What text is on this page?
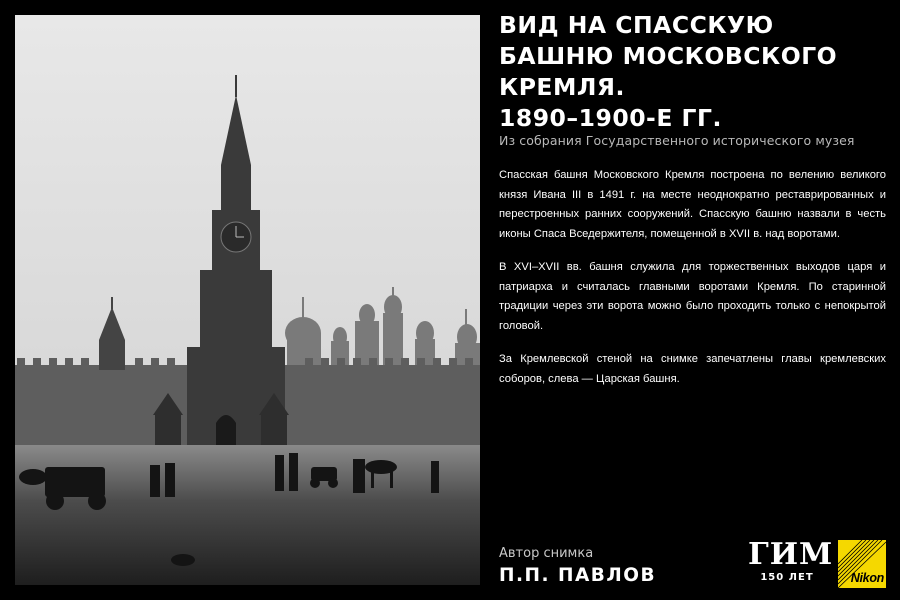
ВИД НА СПАССКУЮ
БАШНЮ МОСКОВСКОГО
КРЕМЛЯ.
1890–1900-Е ГГ.
Из собрания Государственного исторического музея

Спасская башня Московского Кремля построена по велению великого князя Ивана III в 1491 г. на месте неоднократно реставрированных и перестроенных ранних сооружений. Спасскую башню назвали в честь иконы Спаса Вседержителя, помещенной в XVII в. над воротами.

В XVI–XVII вв. башня служила для торжественных выходов царя и патриарха и считалась главными воротами Кремля. По старинной традиции через эти ворота можно было проходить только с непокрытой головой.

За Кремлевской стеной на снимке запечатлены главы кремлевских соборов, слева — Царская башня.

Автор снимка
П.П. ПАВЛОВ
ГИМ
150 ЛЕТ	Nikon
